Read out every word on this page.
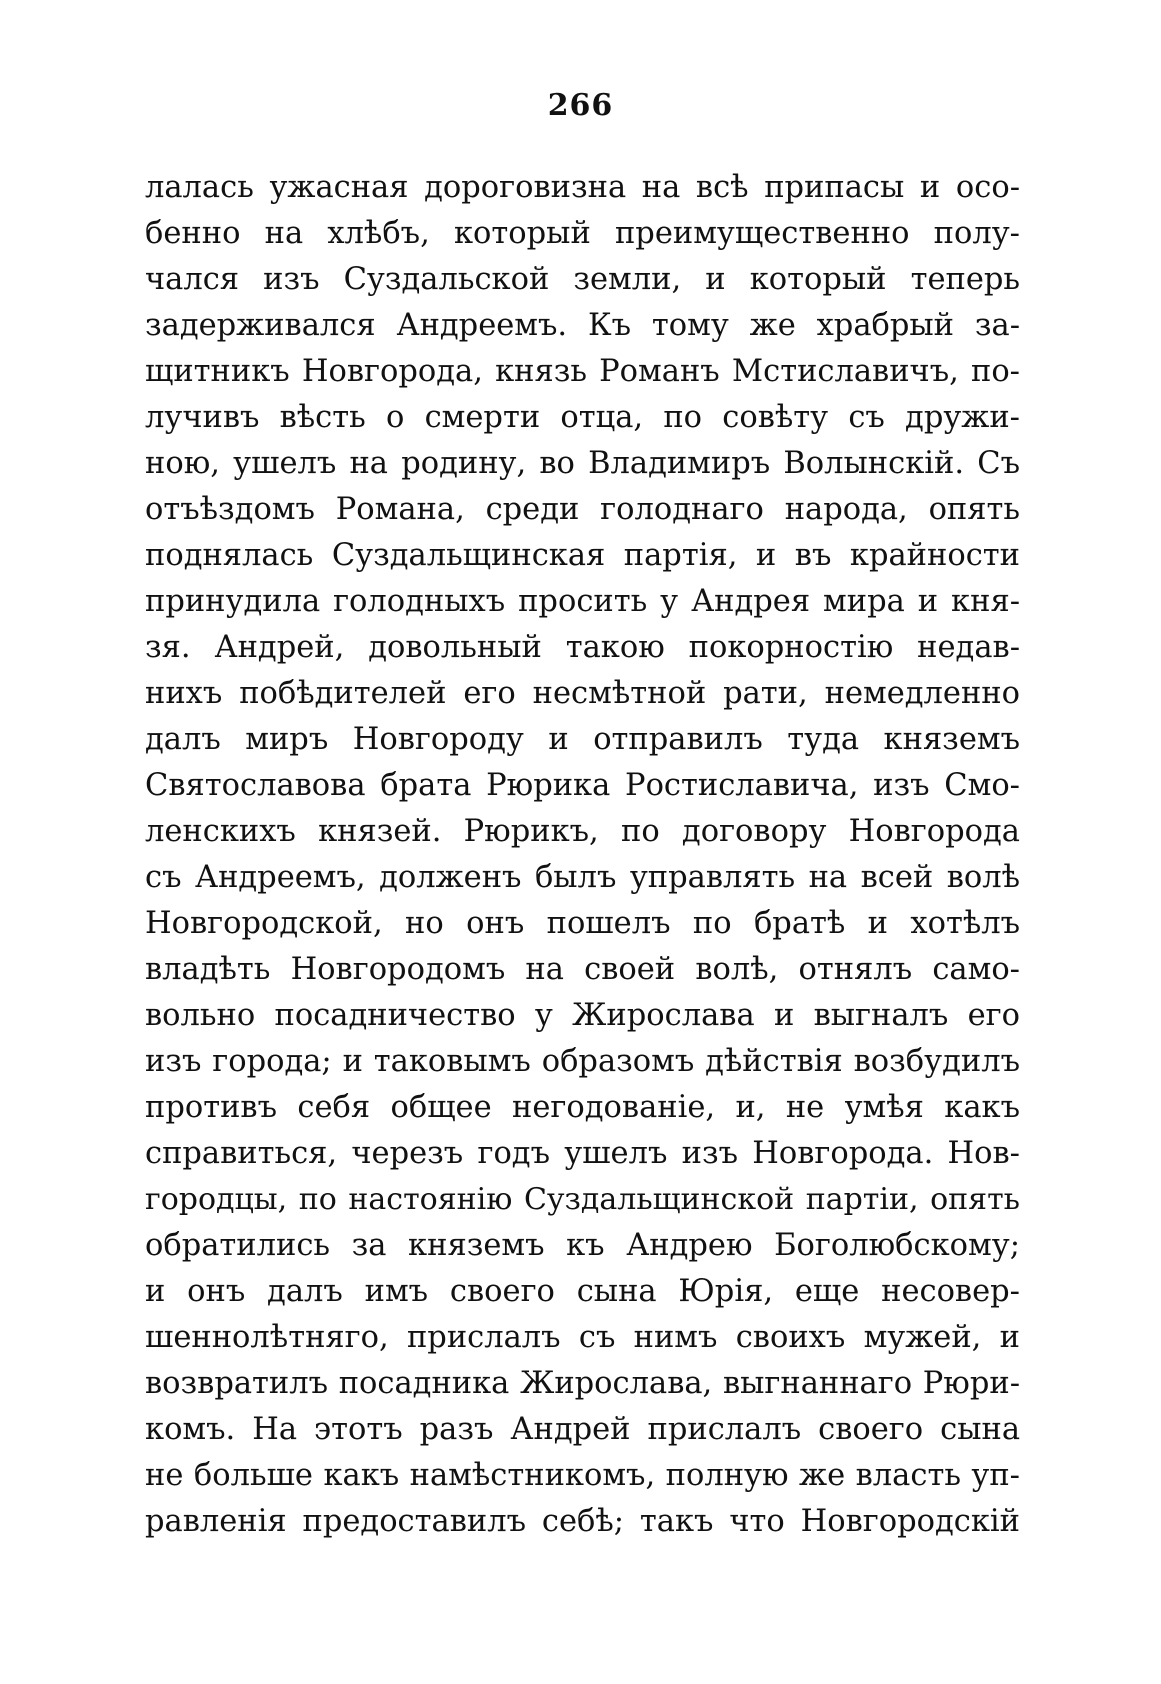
266
лалась ужасная дороговизна на всѣ припасы и осо-
бенно на хлѣбъ, который преимущественно полу-
чался изъ Суздальской земли, и который теперь
задерживался Андреемъ. Къ тому же храбрый за-
щитникъ Новгорода, князь Романъ Мстиславичъ, по-
лучивъ вѣсть о смерти отца, по совѣту съ дружи-
ною, ушелъ на родину, во Владимиръ Волынскій. Съ
отъѣздомъ Романа, среди голоднаго народа, опять
поднялась Суздальщинская партія, и въ крайности
принудила голодныхъ просить у Андрея мира и кня-
зя. Андрей, довольный такою покорностію недав-
нихъ побѣдителей его несмѣтной рати, немедленно
далъ миръ Новгороду и отправилъ туда княземъ
Святославова брата Рюрика Ростиславича, изъ Смо-
ленскихъ князей. Рюрикъ, по договору Новгорода
съ Андреемъ, долженъ былъ управлять на всей волѣ
Новгородской, но онъ пошелъ по братѣ и хотѣлъ
владѣть Новгородомъ на своей волѣ, отнялъ само-
вольно посадничество у Жирослава и выгналъ его
изъ города; и таковымъ образомъ дѣйствія возбудилъ
противъ себя общее негодованіе, и, не умѣя какъ
справиться, черезъ годъ ушелъ изъ Новгорода. Нов-
городцы, по настоянію Суздальщинской партіи, опять
обратились за княземъ къ Андрею Боголюбскому;
и онъ далъ имъ своего сына Юрія, еще несовер-
шеннолѣтняго, прислалъ съ нимъ своихъ мужей, и
возвратилъ посадника Жирослава, выгнаннаго Рюри-
комъ. На этотъ разъ Андрей прислалъ своего сына
не больше какъ намѣстникомъ, полную же власть уп-
равленія предоставилъ себѣ; такъ что Новгородскій
